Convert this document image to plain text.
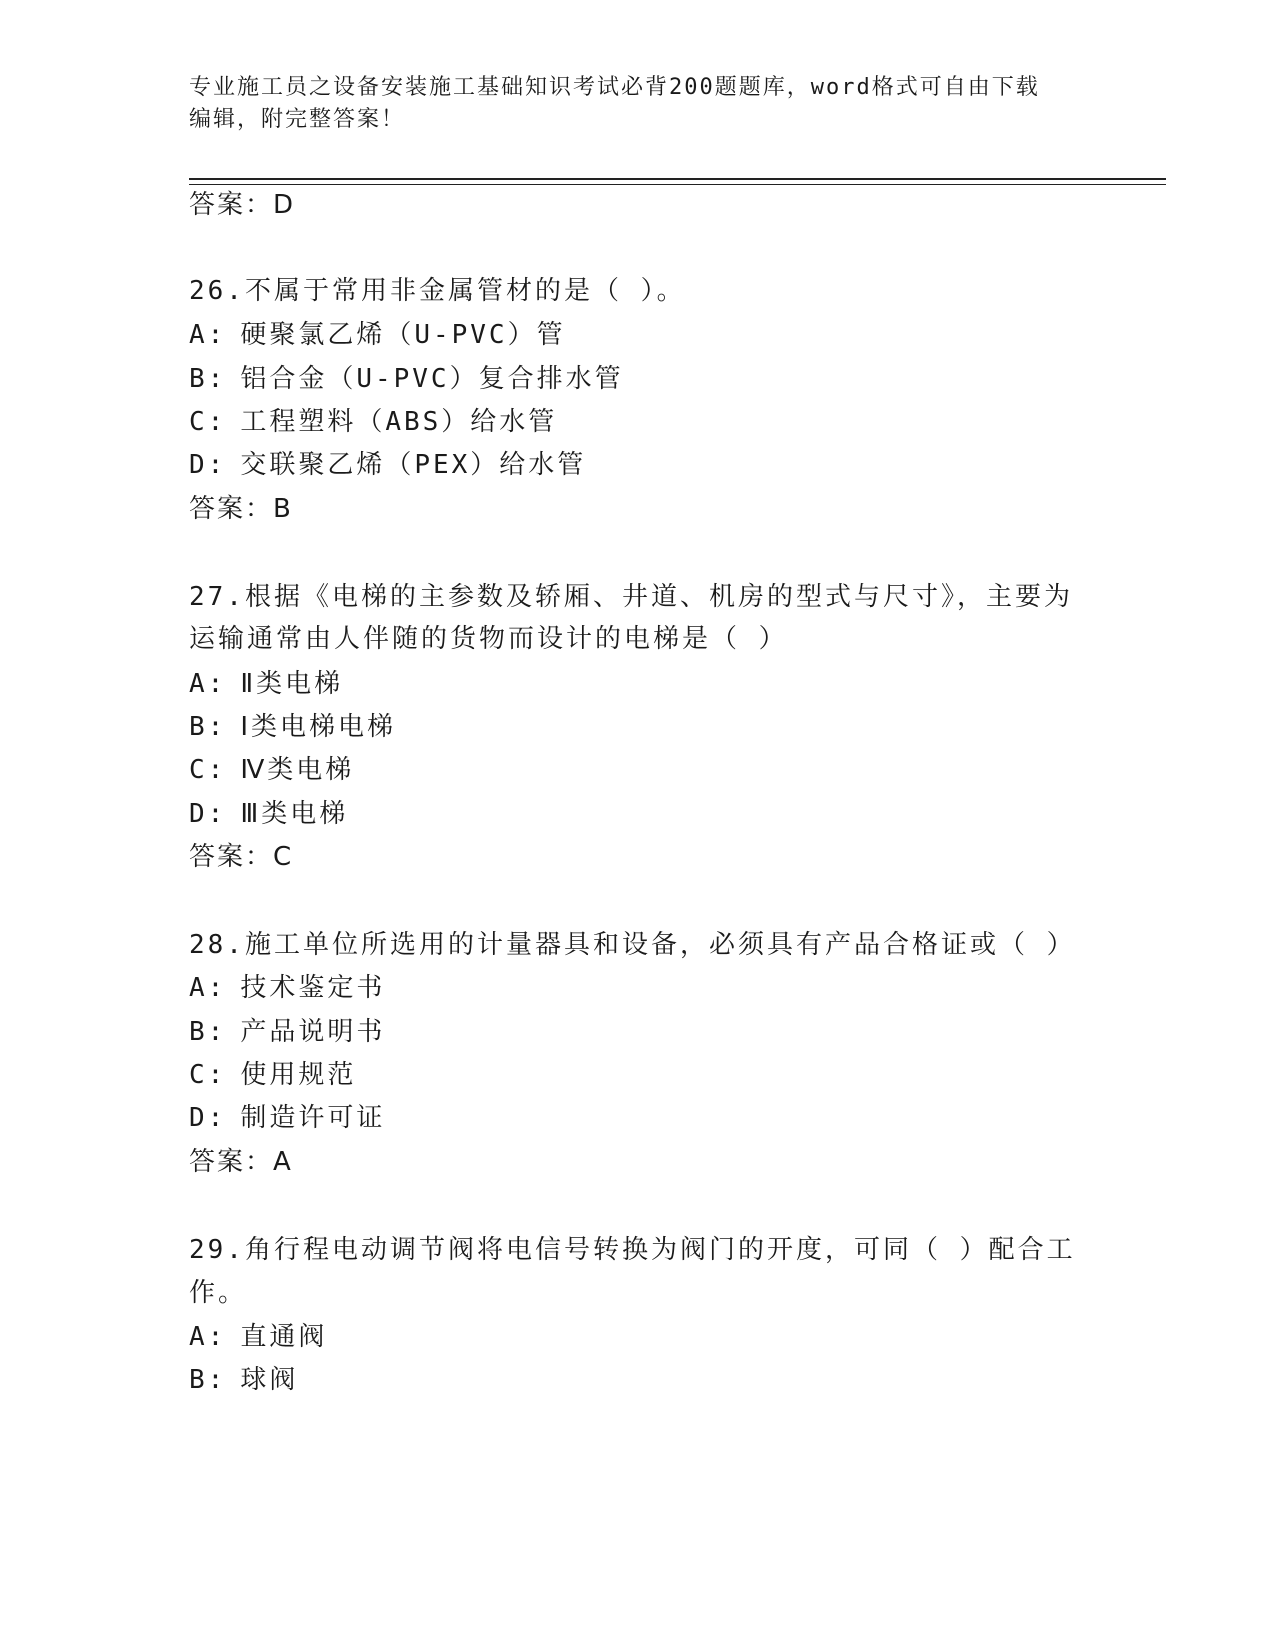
专业施工员之设备安装施工基础知识考试必背200题题库，word格式可自由下载
编辑，附完整答案！
答案：D
26.不属于常用非金属管材的是（ ）。
A: 硬聚氯乙烯（U-PVC）管
B: 铝合金（U-PVC）复合排水管
C: 工程塑料（ABS）给水管
D: 交联聚乙烯（PEX）给水管
答案：B
27.根据《电梯的主参数及轿厢、井道、机房的型式与尺寸》，主要为
运输通常由人伴随的货物而设计的电梯是（ ）
A: Ⅱ类电梯
B: Ⅰ类电梯电梯
C: Ⅳ类电梯
D: Ⅲ类电梯
答案：C
28.施工单位所选用的计量器具和设备，必须具有产品合格证或（ ）
A: 技术鉴定书
B: 产品说明书
C: 使用规范
D: 制造许可证
答案：A
29.角行程电动调节阀将电信号转换为阀门的开度，可同（ ）配合工
作。
A: 直通阀
B: 球阀
